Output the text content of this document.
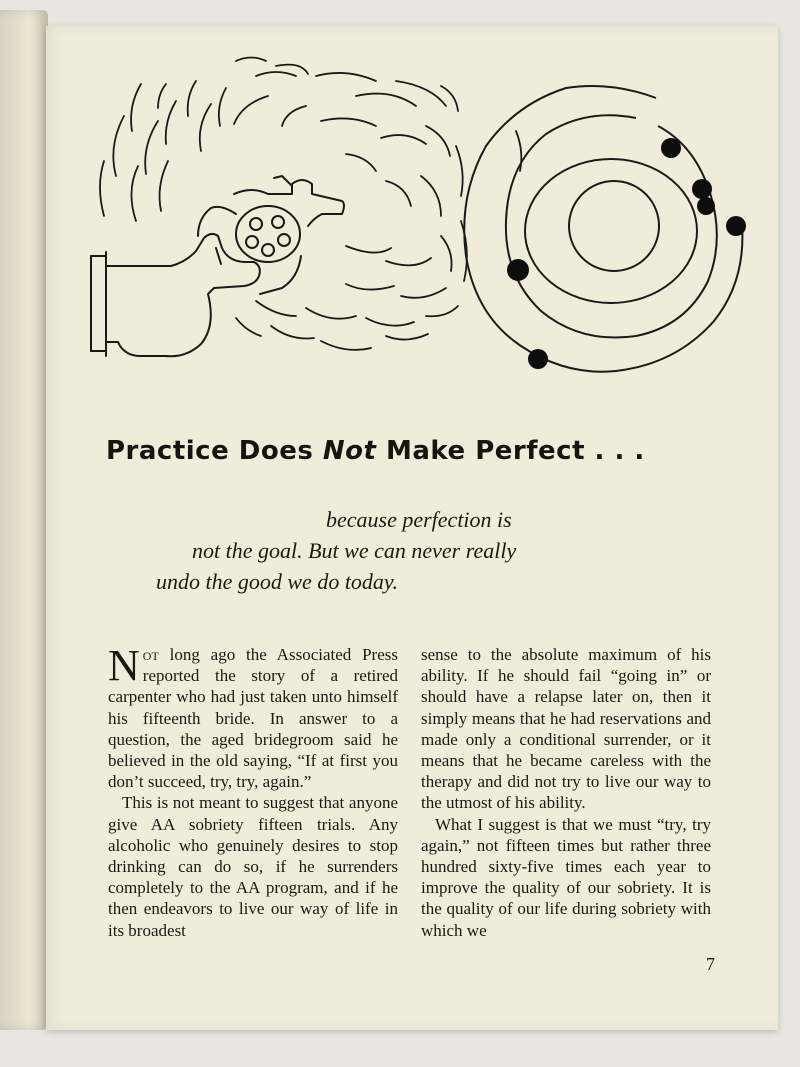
Practice Does Not Make Perfect . . .
because perfection is
not the goal. But we can never really
undo the good we do today.

Not long ago the Associated Press reported the story of a retired carpenter who had just taken unto himself his fifteenth bride. In answer to a question, the aged bridegroom said he believed in the old saying, “If at first you don’t succeed, try, try, again.”

This is not meant to suggest that anyone give AA sobriety fifteen trials. Any alcoholic who genuinely desires to stop drinking can do so, if he surrenders completely to the AA program, and if he then endeavors to live our way of life in its broadest

sense to the absolute maximum of his ability. If he should fail “going in” or should have a relapse later on, then it simply means that he had reservations and made only a conditional surrender, or it means that he became careless with the therapy and did not try to live our way to the utmost of his ability.

What I suggest is that we must “try, try again,” not fifteen times but rather three hundred sixty-five times each year to improve the quality of our sobriety. It is the quality of our life during sobriety with which we

7
